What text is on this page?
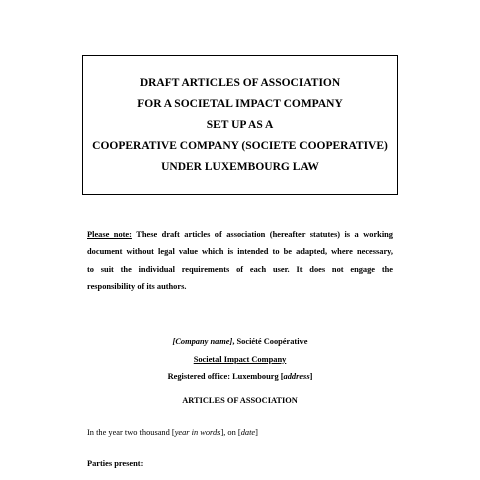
DRAFT ARTICLES OF ASSOCIATION
FOR A SOCIETAL IMPACT COMPANY
SET UP AS A
COOPERATIVE COMPANY (SOCIETE COOPERATIVE)
UNDER LUXEMBOURG LAW
Please note: These draft articles of association (hereafter statutes) is a working
document without legal value which is intended to be adapted, where necessary,
to suit the individual requirements of each user. It does not engage the
responsibility of its authors.
[Company name], Société Coopérative
Societal Impact Company
Registered office: Luxembourg [address]
ARTICLES OF ASSOCIATION
In the year two thousand [year in words], on [date]
Parties present:
